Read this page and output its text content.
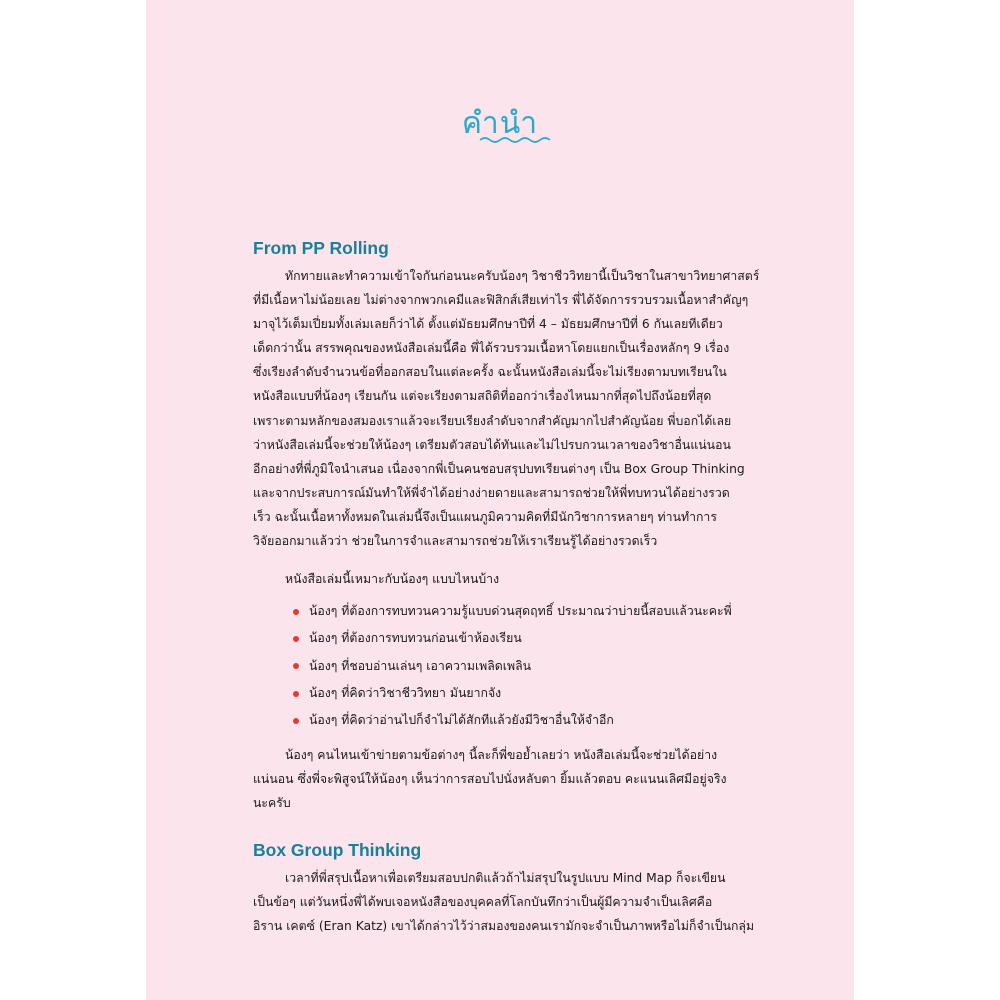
คำนำ
From PP Rolling
ทักทายและทำความเข้าใจกันก่อนนะครับน้องๆ วิชาชีววิทยานี้เป็นวิชาในสาขาวิทยาศาสตร์
ที่มีเนื้อหาไม่น้อยเลย ไม่ต่างจากพวกเคมีและฟิสิกส์เสียเท่าไร พี่ได้จัดการรวบรวมเนื้อหาสำคัญๆ
มาจุไว้เต็มเปี่ยมทั้งเล่มเลยก็ว่าได้ ตั้งแต่มัธยมศึกษาปีที่ 4 – มัธยมศึกษาปีที่ 6 กันเลยทีเดียว
เด็ดกว่านั้น สรรพคุณของหนังสือเล่มนี้คือ พี่ได้รวบรวมเนื้อหาโดยแยกเป็นเรื่องหลักๆ 9 เรื่อง
ซึ่งเรียงลำดับจำนวนข้อที่ออกสอบในแต่ละครั้ง ฉะนั้นหนังสือเล่มนี้จะไม่เรียงตามบทเรียนใน
หนังสือแบบที่น้องๆ เรียนกัน แต่จะเรียงตามสถิติที่ออกว่าเรื่องไหนมากที่สุดไปถึงน้อยที่สุด
เพราะตามหลักของสมองเราแล้วจะเรียบเรียงลำดับจากสำคัญมากไปสำคัญน้อย พี่บอกได้เลย
ว่าหนังสือเล่มนี้จะช่วยให้น้องๆ เตรียมตัวสอบได้ทันและไม่ไปรบกวนเวลาของวิชาอื่นแน่นอน
อีกอย่างที่พี่ภูมิใจนำเสนอ เนื่องจากพี่เป็นคนชอบสรุปบทเรียนต่างๆ เป็น Box Group Thinking
และจากประสบการณ์มันทำให้พี่จำได้อย่างง่ายดายและสามารถช่วยให้พี่ทบทวนได้อย่างรวด
เร็ว ฉะนั้นเนื้อหาทั้งหมดในเล่มนี้จึงเป็นแผนภูมิความคิดที่มีนักวิชาการหลายๆ ท่านทำการ
วิจัยออกมาแล้วว่า ช่วยในการจำและสามารถช่วยให้เราเรียนรู้ได้อย่างรวดเร็ว
หนังสือเล่มนี้เหมาะกับน้องๆ แบบไหนบ้าง
น้องๆ ที่ต้องการทบทวนความรู้แบบด่วนสุดฤทธิ์ ประมาณว่าบ่ายนี้สอบแล้วนะคะพี่
น้องๆ ที่ต้องการทบทวนก่อนเข้าห้องเรียน
น้องๆ ที่ชอบอ่านเล่นๆ เอาความเพลิดเพลิน
น้องๆ ที่คิดว่าวิชาชีววิทยา มันยากจัง
น้องๆ ที่คิดว่าอ่านไปก็จำไม่ได้สักทีแล้วยังมีวิชาอื่นให้จำอีก
น้องๆ คนไหนเข้าข่ายตามข้อต่างๆ นี้ละก็พี่ขอย้ำเลยว่า หนังสือเล่มนี้จะช่วยได้อย่าง
แน่นอน ซึ่งพี่จะพิสูจน์ให้น้องๆ เห็นว่าการสอบไปนั่งหลับตา ยิ้มแล้วตอบ คะแนนเลิศมีอยู่จริง
นะครับ
Box Group Thinking
เวลาที่พี่สรุปเนื้อหาเพื่อเตรียมสอบปกติแล้วถ้าไม่สรุปในรูปแบบ Mind Map ก็จะเขียน
เป็นข้อๆ แต่วันหนึ่งพี่ได้พบเจอหนังสือของบุคคลที่โลกบันทึกว่าเป็นผู้มีความจำเป็นเลิศคือ
อิราน เคตซ์ (Eran Katz) เขาได้กล่าวไว้ว่าสมองของคนเรามักจะจำเป็นภาพหรือไม่ก็จำเป็นกลุ่ม
